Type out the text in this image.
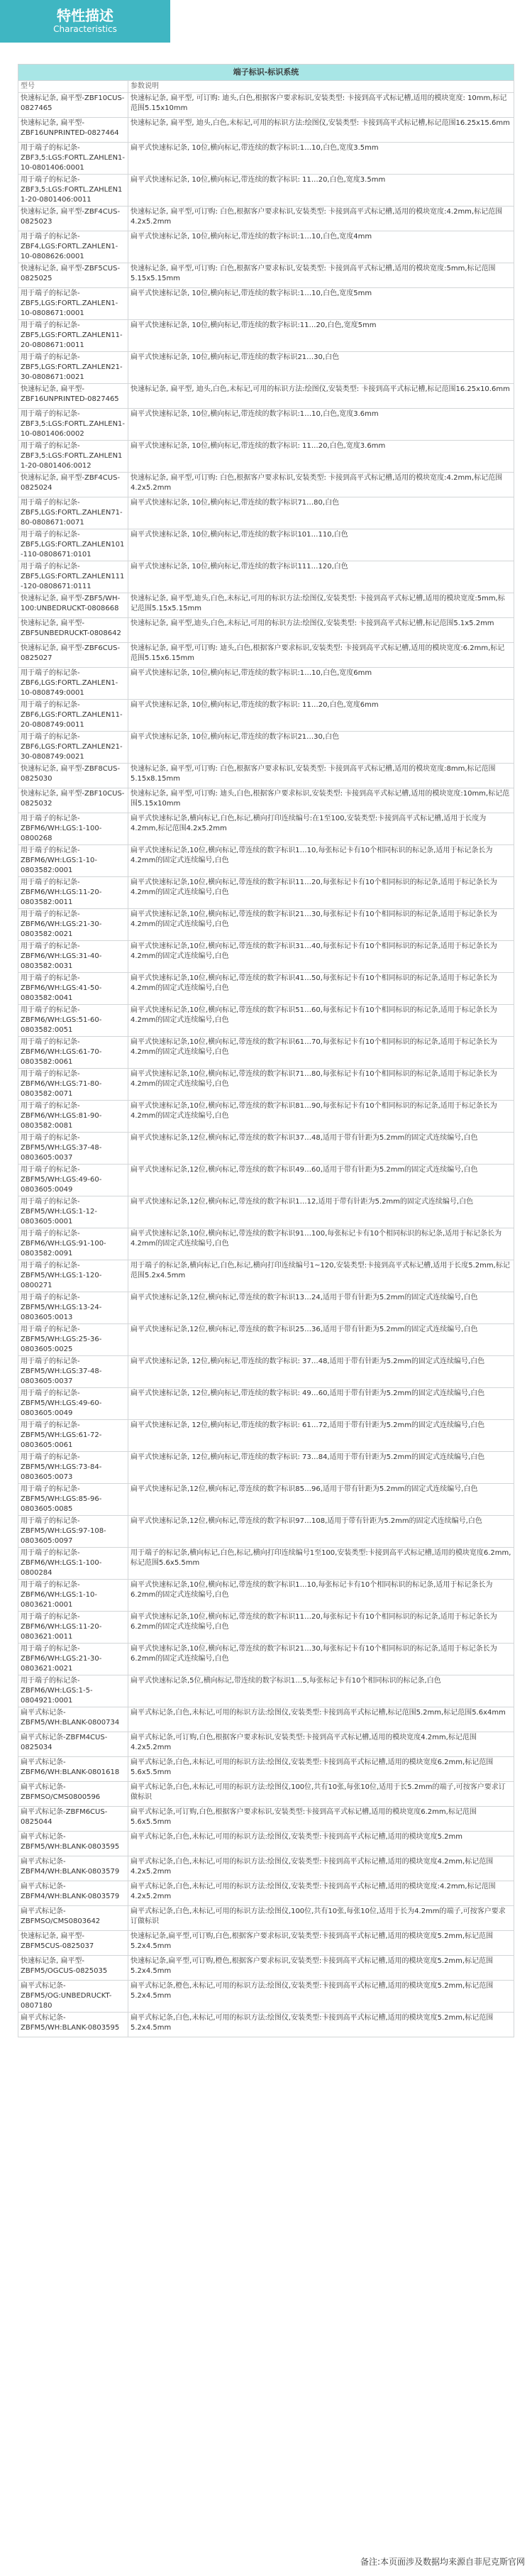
特性描述
Characteristics
端子标识-标识系统	
型号	参数说明
快速标记条, 扁平型-ZBF10CUS-0827465	快速标记条, 扁平型, 可订购: 迪头,白色,根据客户要求标识,安装类型: 卡接到高平式标记槽,适用的模块宽度: 10mm,标记范围5.15x10mm
快速标记条, 扁平型-ZBF16UNPRINTED-0827464	快速标记条, 扁平型, 迪头,白色,未标记,可用的标识方法:绘图仪,安装类型: 卡接到高平式标记槽,标记范围16.25x15.6mm
用于端子的标记条-ZBF3,5:LGS:FORTL.ZAHLEN1-10-0801406:0001	扁平式快速标记条, 10位,横向标记,带连续的数字标识:1…10,白色,宽度3.5mm
用于端子的标记条-ZBF3,5:LGS:FORTL.ZAHLEN11-20-0801406:0011	扁平式快速标记条, 10位,横向标记,带连续的数字标识: 11…20,白色,宽度3.5mm
快速标记条, 扁平型-ZBF4CUS-0825023	快速标记条, 扁平型,可订购: 白色,根据客户要求标识,安装类型: 卡接到高平式标记槽,适用的模块宽度:4.2mm,标记范围4.2x5.2mm
用于端子的标记条-ZBF4,LGS:FORTL.ZAHLEN1-10-0808626:0001	扁平式快速标记条, 10位,横向标记,带连续的数字标识:1…10,白色,宽度4mm
快速标记条, 扁平型-ZBF5CUS-0825025	快速标记条, 扁平型,可订购: 白色,根据客户要求标识,安装类型: 卡接到高平式标记槽,适用的模块宽度:5mm,标记范围5.15x5.15mm
用于端子的标记条-ZBF5,LGS:FORTL.ZAHLEN1-10-0808671:0001	扁平式快速标记条, 10位,横向标记,带连续的数字标识:1…10,白色,宽度5mm
用于端子的标记条-ZBF5,LGS:FORTL.ZAHLEN11-20-0808671:0011	扁平式快速标记条, 10位,横向标记,带连续的数字标识:11…20,白色,宽度5mm
用于端子的标记条-ZBF5,LGS:FORTL.ZAHLEN21-30-0808671:0021	扁平式快速标记条, 10位,横向标记,带连续的数字标识21…30,白色
快速标记条, 扁平型-ZBF16UNPRINTED-0827465	快速标记条, 扁平型, 迪头,白色,未标记,可用的标识方法:绘图仪,安装类型: 卡接到高平式标记槽,标记范围16.25x10.6mm
用于端子的标记条-ZBF3,5:LGS:FORTL.ZAHLEN1-10-0801406:0002	扁平式快速标记条, 10位,横向标记,带连续的数字标识:1…10,白色,宽度3.6mm
用于端子的标记条-ZBF3,5:LGS:FORTL.ZAHLEN11-20-0801406:0012	扁平式快速标记条, 10位,横向标记,带连续的数字标识: 11…20,白色,宽度3.6mm
快速标记条, 扁平型-ZBF4CUS-0825024	快速标记条, 扁平型,可订购: 白色,根据客户要求标识,安装类型: 卡接到高平式标记槽,适用的模块宽度:4.2mm,标记范围4.2x5.2mm
用于端子的标记条-ZBF5,LGS:FORTL.ZAHLEN71-80-0808671:0071	扁平式快速标记条, 10位,横向标记,带连续的数字标识71…80,白色
用于端子的标记条-ZBF5,LGS:FORTL.ZAHLEN101-110-0808671:0101	扁平式快速标记条, 10位,横向标记,带连续的数字标识101…110,白色
用于端子的标记条-ZBF5,LGS:FORTL.ZAHLEN111-120-0808671:0111	扁平式快速标记条, 10位,横向标记,带连续的数字标识111…120,白色
快速标记条, 扁平型-ZBF5/WH-100:UNBEDRUCKT-0808668	快速标记条, 扁平型,迪头,白色,未标记,可用的标识方法:绘图仪,安装类型: 卡接到高平式标记槽,适用的模块宽度:5mm,标记范围5.15x5.15mm
快速标记条, 扁平型-ZBF5UNBEDRUCKT-0808642	快速标记条, 扁平型,迪头,白色,未标记,可用的标识方法:绘图仪,安装类型: 卡接到高平式标记槽,标记范围5.1x5.2mm
快速标记条, 扁平型-ZBF6CUS-0825027	快速标记条, 扁平型,可订购: 迪头,白色,根据客户要求标识,安装类型: 卡接到高平式标记槽,适用的模块宽度:6.2mm,标记范围5.15x6.15mm
用于端子的标记条-ZBF6,LGS:FORTL.ZAHLEN1-10-0808749:0001	扁平式快速标记条, 10位,横向标记,带连续的数字标识:1…10,白色,宽度6mm
用于端子的标记条-ZBF6,LGS:FORTL.ZAHLEN11-20-0808749:0011	扁平式快速标记条, 10位,横向标记,带连续的数字标识: 11…20,白色,宽度6mm
用于端子的标记条-ZBF6,LGS:FORTL.ZAHLEN21-30-0808749:0021	扁平式快速标记条, 10位,横向标记,带连续的数字标识21…30,白色
快速标记条, 扁平型-ZBF8CUS-0825030	快速标记条, 扁平型,可订购: 白色,根据客户要求标识,安装类型: 卡接到高平式标记槽,适用的模块宽度:8mm,标记范围5.15x8.15mm
快速标记条, 扁平型-ZBF10CUS-0825032	快速标记条, 扁平型,可订购: 迪头,白色,根据客户要求标识,安装类型: 卡接到高平式标记槽,适用的模块宽度:10mm,标记范围5.15x10mm
用于端子的标记条-ZBFM6/WH:LGS:1-100-0800268	扁平式快速标记条,横向标记,白色,标记,横向打印连续编号:在1至100,安装类型:卡接到高平式标记槽,适用于长度为4.2mm,标记范围4.2x5.2mm
用于端子的标记条-ZBFM6/WH:LGS:1-10-0803582:0001	扁平式快速标记条,10位,横向标记,带连续的数字标识1…10,每张标记卡有10个相同标识的标记条,适用于标记条长为4.2mm的固定式连续编号,白色
用于端子的标记条-ZBFM6/WH:LGS:11-20-0803582:0011	扁平式快速标记条,10位,横向标记,带连续的数字标识11…20,每张标记卡有10个相同标识的标记条,适用于标记条长为4.2mm的固定式连续编号,白色
用于端子的标记条-ZBFM6/WH:LGS:21-30-0803582:0021	扁平式快速标记条,10位,横向标记,带连续的数字标识21…30,每张标记卡有10个相同标识的标记条,适用于标记条长为4.2mm的固定式连续编号,白色
用于端子的标记条-ZBFM6/WH:LGS:31-40-0803582:0031	扁平式快速标记条,10位,横向标记,带连续的数字标识31…40,每张标记卡有10个相同标识的标记条,适用于标记条长为4.2mm的固定式连续编号,白色
用于端子的标记条-ZBFM6/WH:LGS:41-50-0803582:0041	扁平式快速标记条,10位,横向标记,带连续的数字标识41…50,每张标记卡有10个相同标识的标记条,适用于标记条长为4.2mm的固定式连续编号,白色
用于端子的标记条-ZBFM6/WH:LGS:51-60-0803582:0051	扁平式快速标记条,10位,横向标记,带连续的数字标识51…60,每张标记卡有10个相同标识的标记条,适用于标记条长为4.2mm的固定式连续编号,白色
用于端子的标记条-ZBFM6/WH:LGS:61-70-0803582:0061	扁平式快速标记条,10位,横向标记,带连续的数字标识61…70,每张标记卡有10个相同标识的标记条,适用于标记条长为4.2mm的固定式连续编号,白色
用于端子的标记条-ZBFM6/WH:LGS:71-80-0803582:0071	扁平式快速标记条,10位,横向标记,带连续的数字标识71…80,每张标记卡有10个相同标识的标记条,适用于标记条长为4.2mm的固定式连续编号,白色
用于端子的标记条-ZBFM6/WH:LGS:81-90-0803582:0081	扁平式快速标记条,10位,横向标记,带连续的数字标识81…90,每张标记卡有10个相同标识的标记条,适用于标记条长为4.2mm的固定式连续编号,白色
用于端子的标记条-ZBFM5/WH:LGS:37-48-0803605:0037	扁平式快速标记条,12位,横向标记,带连续的数字标识37…48,适用于带有针距为5.2mm的固定式连续编号,白色
用于端子的标记条-ZBFM5/WH:LGS:49-60-0803605:0049	扁平式快速标记条,12位,横向标记,带连续的数字标识49…60,适用于带有针距为5.2mm的固定式连续编号,白色
用于端子的标记条-ZBFM5/WH:LGS:1-12-0803605:0001	扁平式快速标记条,12位,横向标记,带连续的数字标识1…12,适用于带有针距为5.2mm的固定式连续编号,白色
用于端子的标记条-ZBFM6/WH:LGS:91-100-0803582:0091	扁平式快速标记条,10位,横向标记,带连续的数字标识91…100,每张标记卡有10个相同标识的标记条,适用于标记条长为4.2mm的固定式连续编号,白色
用于端子的标记条-ZBFM5/WH:LGS:1-120-0800271	用于端子的标记条,横向标记,白色,标记,横向打印连续编号1~120,安装类型:卡接到高平式标记槽,适用于长度5.2mm,标记范围5.2x4.5mm
用于端子的标记条-ZBFM5/WH:LGS:13-24-0803605:0013	扁平式快速标记条,12位,横向标记,带连续的数字标识13…24,适用于带有针距为5.2mm的固定式连续编号,白色
用于端子的标记条-ZBFM5/WH:LGS:25-36-0803605:0025	扁平式快速标记条,12位,横向标记,带连续的数字标识25…36,适用于带有针距为5.2mm的固定式连续编号,白色
用于端子的标记条-ZBFM5/WH:LGS:37-48-0803605:0037	扁平式快速标记条, 12位,横向标记,带连续的数字标识: 37…48,适用于带有针距为5.2mm的固定式连续编号,白色
用于端子的标记条-ZBFM5/WH:LGS:49-60-0803605:0049	扁平式快速标记条, 12位,横向标记,带连续的数字标识: 49…60,适用于带有针距为5.2mm的固定式连续编号,白色
用于端子的标记条-ZBFM5/WH:LGS:61-72-0803605:0061	扁平式快速标记条, 12位,横向标记,带连续的数字标识: 61…72,适用于带有针距为5.2mm的固定式连续编号,白色
用于端子的标记条-ZBFM5/WH:LGS:73-84-0803605:0073	扁平式快速标记条, 12位,横向标记,带连续的数字标识: 73…84,适用于带有针距为5.2mm的固定式连续编号,白色
用于端子的标记条-ZBFM5/WH:LGS:85-96-0803605:0085	扁平式快速标记条,12位,横向标记,带连续的数字标识85…96,适用于带有针距为5.2mm的固定式连续编号,白色
用于端子的标记条-ZBFM5/WH:LGS:97-108-0803605:0097	扁平式快速标记条,12位,横向标记,带连续的数字标识97…108,适用于带有针距为5.2mm的固定式连续编号,白色
用于端子的标记条-ZBFM6/WH:LGS:1-100-0800284	用于端子的标记条,横向标记,白色,标记,横向打印连续编号1至100,安装类型:卡接到高平式标记槽,适用的模块宽度6.2mm,标记范围5.6x5.5mm
用于端子的标记条-ZBFM6/WH:LGS:1-10-0803621:0001	扁平式快速标记条,10位,横向标记,带连续的数字标识1…10,每张标记卡有10个相同标识的标记条,适用于标记条长为6.2mm的固定式连续编号,白色
用于端子的标记条-ZBFM6/WH:LGS:11-20-0803621:0011	扁平式快速标记条,10位,横向标记,带连续的数字标识11…20,每张标记卡有10个相同标识的标记条,适用于标记条长为6.2mm的固定式连续编号,白色
用于端子的标记条-ZBFM6/WH:LGS:21-30-0803621:0021	扁平式快速标记条,10位,横向标记,带连续的数字标识21…30,每张标记卡有10个相同标识的标记条,适用于标记条长为6.2mm的固定式连续编号,白色
用于端子的标记条-ZBFM6/WH:LGS:1-5-0804921:0001	扁平式快速标记条,5位,横向标记,带连续的数字标识1…5,每张标记卡有10个相同标识的标记条,白色
扁平式标记条-ZBFM5/WH:BLANK-0800734	扁平式标记条,白色,未标记,可用的标识方法:绘图仪,安装类型:卡接到高平式标记槽,标记范围5.2mm,标记范围5.6x4mm
扁平式标记条-ZBFM4CUS-0825034	扁平式标记条,可订购,白色,根据客户要求标识,安装类型:卡接到高平式标记槽,适用的模块宽度4.2mm,标记范围4.2x5.2mm
扁平式标记条-ZBFM6/WH:BLANK-0801618	扁平式标记条,白色,未标记,可用的标识方法:绘图仪,安装类型:卡接到高平式标记槽,适用的模块宽度6.2mm,标记范围5.6x5.5mm
扁平式标记条-ZBFMSO/CMS0800596	扁平式标记条,白色,未标记,可用的标识方法:绘图仪,100位,共有10张,每张10位,适用于长5.2mm的端子,可按客户要求订做标识
扁平式标记条-ZBFM6CUS-0825044	扁平式标记条,可订购,白色,根据客户要求标识,安装类型:卡接到高平式标记槽,适用的模块宽度6.2mm,标记范围5.6x5.5mm
扁平式标记条-ZBFM5/WH:BLANK-0803595	扁平式标记条,白色,未标记,可用的标识方法:绘图仪,安装类型:卡接到高平式标记槽,适用的模块宽度5.2mm
扁平式标记条-ZBFM4/WH:BLANK-0803579	扁平式标记条,白色,未标记,可用的标识方法:绘图仪,安装类型:卡接到高平式标记槽,适用的模块宽度4.2mm,标记范围4.2x5.2mm
扁平式标记条-ZBFM4/WH:BLANK-0803579	扁平式标记条,白色,未标记,可用的标识方法:绘图仪,安装类型:卡接到高平式标记槽,适用的模块宽度:4.2mm,标记范围4.2x5.2mm
扁平式标记条-ZBFMSO/CMS0803642	扁平式标记条,白色,未标记,可用的标识方法:绘图仪,100位,共有10张,每张10位,适用于长为4.2mm的端子,可按客户要求订做标识
快速标记条, 扁平型-ZBFM5CUS-0825037	快速标记条,扁平型,可订购,白色,根据客户要求标识,安装类型:卡接到高平式标记槽,适用的模块宽度5.2mm,标记范围5.2x4.5mm
快速标记条, 扁平型-ZBFM5/OGCUS-0825035	快速标记条,扁平型,可订购,橙色,根据客户要求标识,安装类型:卡接到高平式标记槽,适用的模块宽度5.2mm,标记范围5.2x4.5mm
扁平式标记条-ZBFM5/OG:UNBEDRUCKT-0807180	扁平式标记条,橙色,未标记,可用的标识方法:绘图仪,安装类型:卡接到高平式标记槽,适用的模块宽度5.2mm,标记范围5.2x4.5mm
扁平式标记条-ZBFM5/WH:BLANK-0803595	扁平式标记条,白色,未标记,可用的标识方法:绘图仪,安装类型:卡接到高平式标记槽,适用的模块宽度5.2mm,标记范围5.2x4.5mm
备注:本页面涉及数据均来源自菲尼克斯官网
